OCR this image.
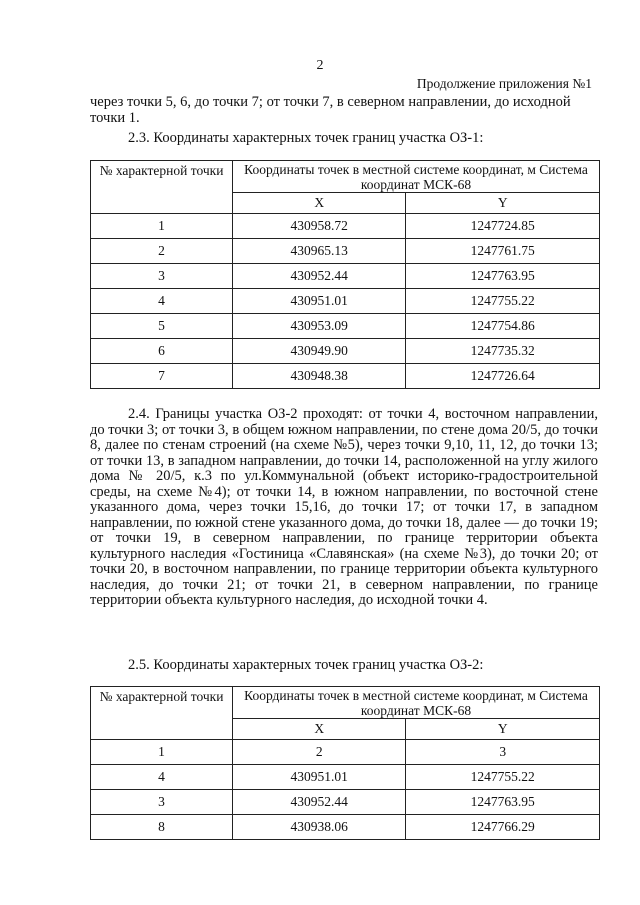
2
Продолжение приложения №1
через точки 5, 6, до точки 7; от точки 7, в северном направлении, до исходной
точки 1.
2.3. Координаты характерных точек границ участка ОЗ-1:
№ характерной точки	Координаты точек в местной системе координат, м Система координат МСК-68	
	X	Y
1	430958.72	1247724.85
2	430965.13	1247761.75
3	430952.44	1247763.95
4	430951.01	1247755.22
5	430953.09	1247754.86
6	430949.90	1247735.32
7	430948.38	1247726.64
2.4. Границы участка ОЗ-2 проходят: от точки 4, восточном направлении, до точки 3; от точки 3, в общем южном направлении, по стене дома 20/5, до точки 8, далее по стенам строений (на схеме №5), через точки 9,10, 11, 12, до точки 13; от точки 13, в западном направлении, до точки 14, расположенной на углу жилого дома № 20/5, к.3 по ул.Коммунальной (объект историко-градостроительной среды, на схеме №4); от точки 14, в южном направлении, по восточной стене указанного дома, через точки 15,16, до точки 17; от точки 17, в западном направлении, по южной стене указанного дома, до точки 18, далее — до точки 19; от точки 19, в северном направлении, по границе территории объекта культурного наследия «Гостиница «Славянская» (на схеме №3), до точки 20; от точки 20, в восточном направлении, по границе территории объекта культурного наследия, до точки 21; от точки 21, в северном направлении, по границе территории объекта культурного наследия, до исходной точки 4.
2.5. Координаты характерных точек границ участка ОЗ-2:
№ характерной точки	Координаты точек в местной системе координат, м Система координат МСК-68	
	X	Y
1	2	3
4	430951.01	1247755.22
3	430952.44	1247763.95
8	430938.06	1247766.29
